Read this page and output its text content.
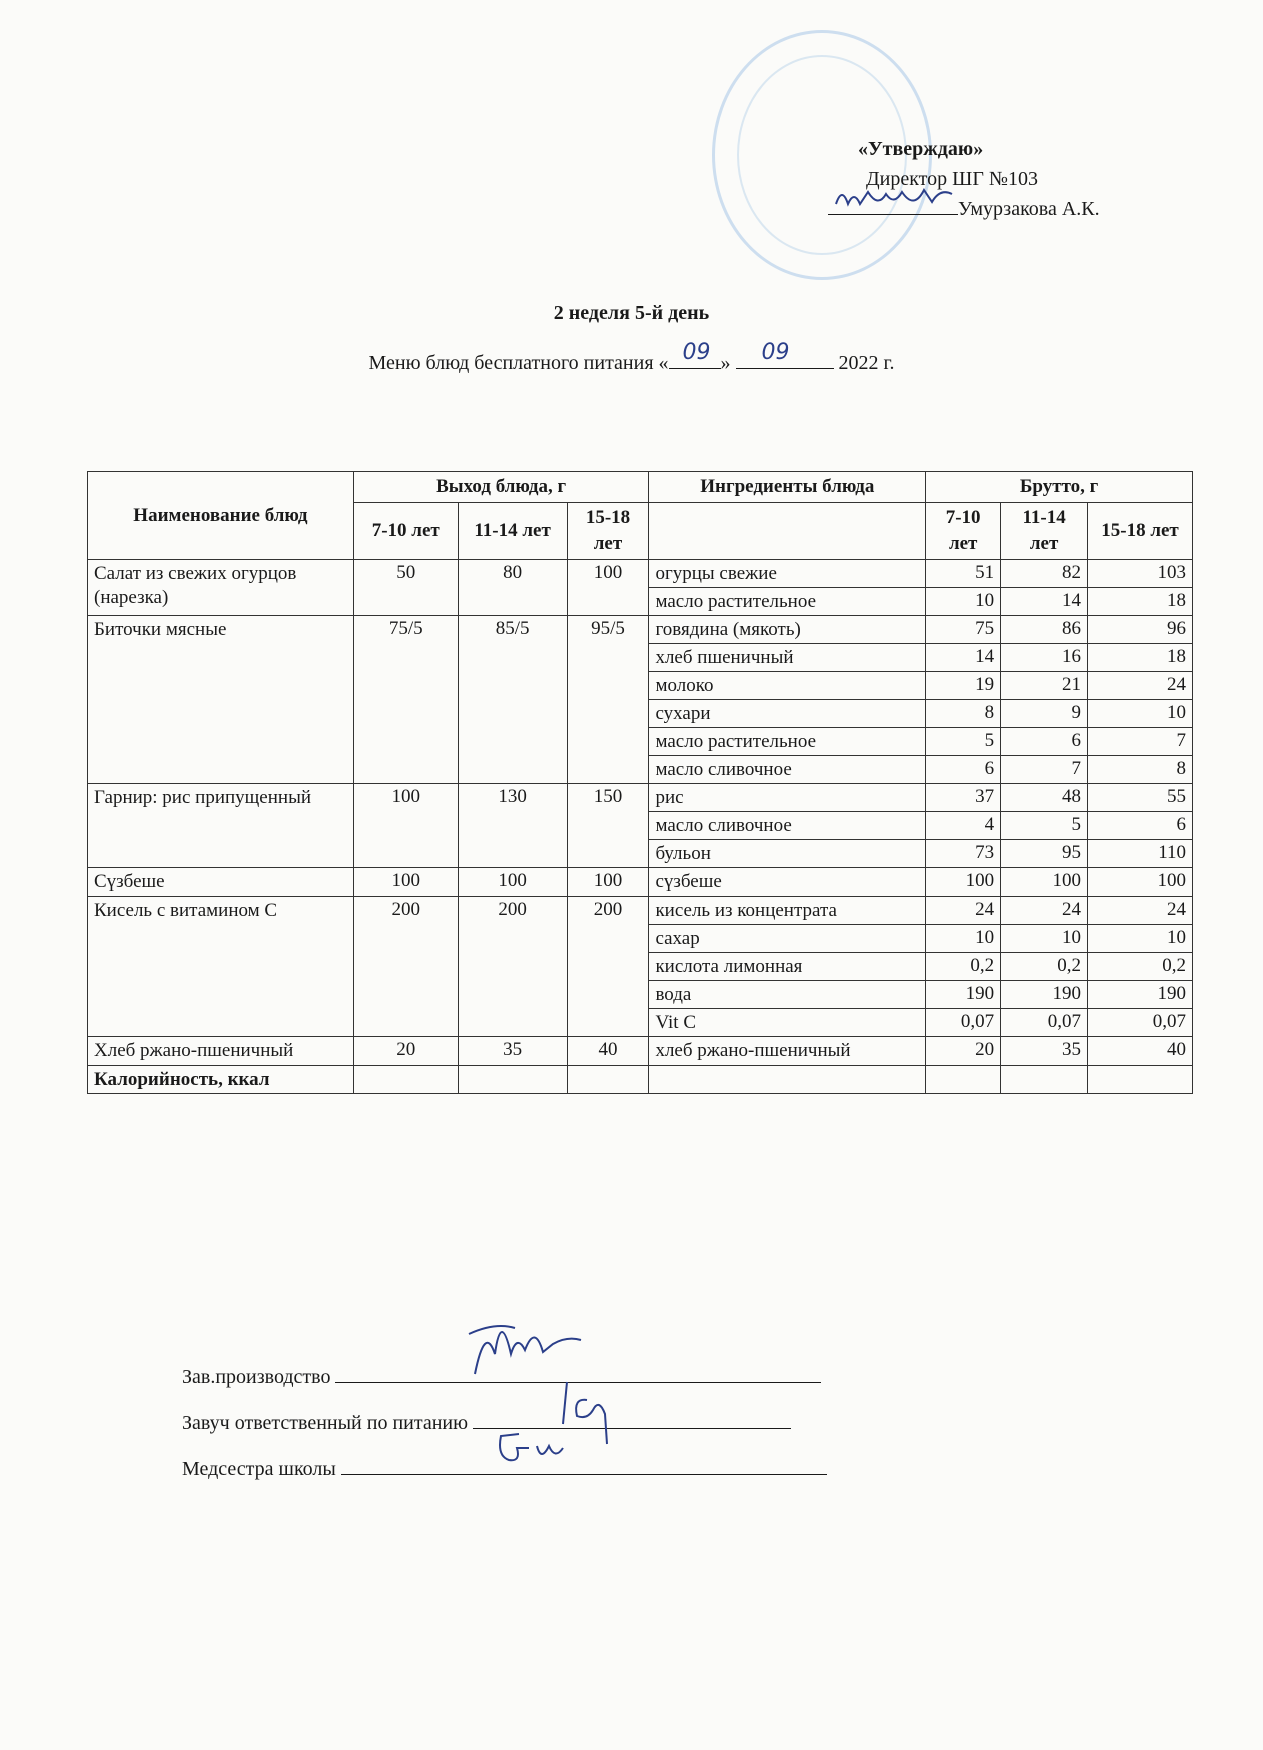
«Утверждаю»
Директор ШГ №103
Умурзакова А.К.
2 неделя 5-й день
Меню блюд бесплатного питания « 09 » 09 2022 г.
Наименование блюд	Выход блюда, г			Ингредиенты блюда	Брутто, г		
	7-10 лет	11-14 лет	15-18 лет		7-10 лет	11-14 лет	15-18 лет
Салат из свежих огурцов (нарезка)	50	80	100	огурцы свежие	51	82	103
				масло растительное	10	14	18
Биточки мясные	75/5	85/5	95/5	говядина (мякоть)	75	86	96
				хлеб пшеничный	14	16	18
				молоко	19	21	24
				сухари	8	9	10
				масло растительное	5	6	7
				масло сливочное	6	7	8
Гарнир: рис припущенный	100	130	150	рис	37	48	55
				масло сливочное	4	5	6
				бульон	73	95	110
Сүзбеше	100	100	100	сүзбеше	100	100	100
Кисель с витамином С	200	200	200	кисель из концентрата	24	24	24
				сахар	10	10	10
				кислота лимонная	0,2	0,2	0,2
				вода	190	190	190
				Vit C	0,07	0,07	0,07
Хлеб ржано-пшеничный	20	35	40	хлеб ржано-пшеничный	20	35	40
Калорийность, ккал							
Зав.производство
Завуч ответственный по питанию
Медсестра школы
